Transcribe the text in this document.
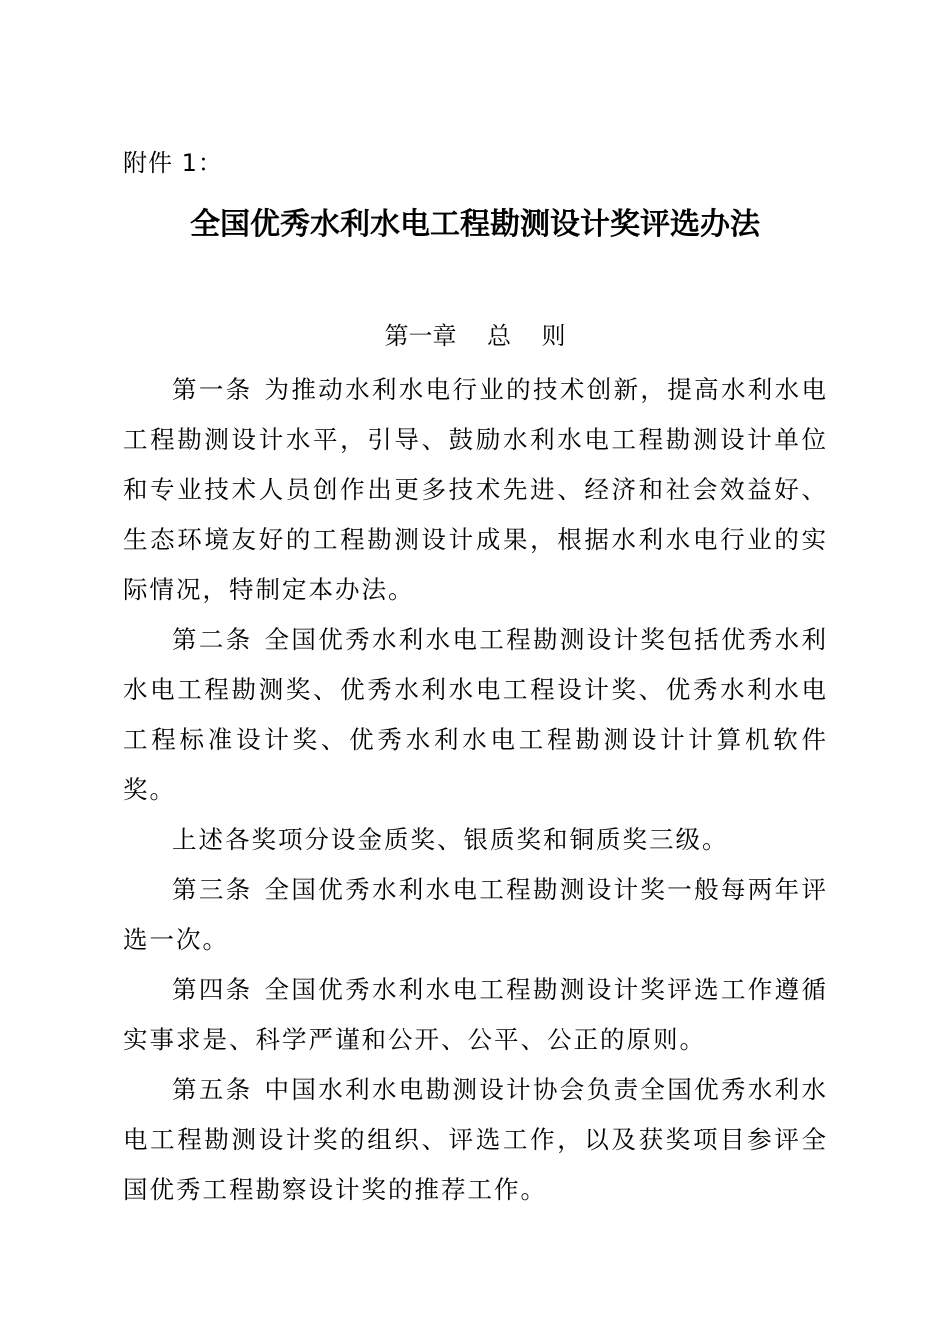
附件 1：
全国优秀水利水电工程勘测设计奖评选办法
第一章    总    则

第一条 为推动水利水电行业的技术创新，提高水利水电工程勘测设计水平，引导、鼓励水利水电工程勘测设计单位和专业技术人员创作出更多技术先进、经济和社会效益好、生态环境友好的工程勘测设计成果，根据水利水电行业的实际情况，特制定本办法。

第二条 全国优秀水利水电工程勘测设计奖包括优秀水利水电工程勘测奖、优秀水利水电工程设计奖、优秀水利水电工程标准设计奖、优秀水利水电工程勘测设计计算机软件奖。

上述各奖项分设金质奖、银质奖和铜质奖三级。

第三条 全国优秀水利水电工程勘测设计奖一般每两年评选一次。

第四条 全国优秀水利水电工程勘测设计奖评选工作遵循实事求是、科学严谨和公开、公平、公正的原则。

第五条 中国水利水电勘测设计协会负责全国优秀水利水电工程勘测设计奖的组织、评选工作，以及获奖项目参评全国优秀工程勘察设计奖的推荐工作。
